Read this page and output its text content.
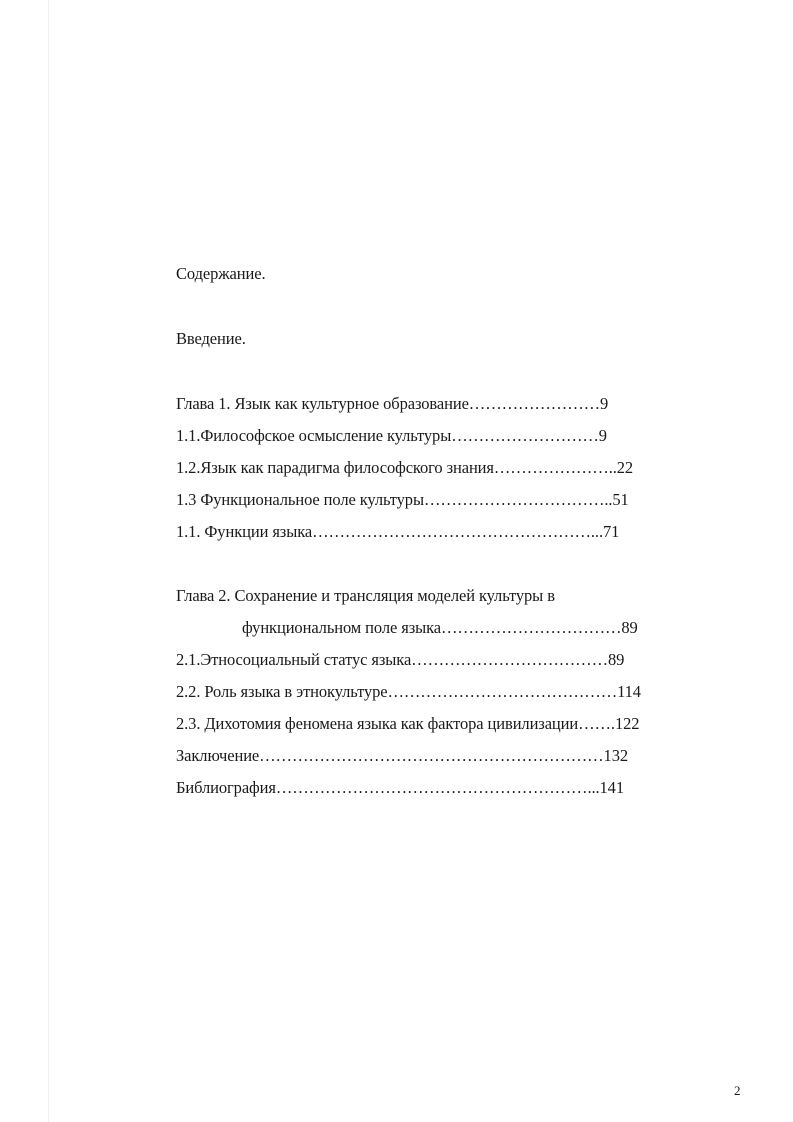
Содержание.
Введение.
Глава 1. Язык как культурное образование……………………9
1.1.Философское осмысление культуры………………………9
1.2.Язык как парадигма философского знания…………………..22
1.3 Функциональное поле культуры……………………………..51
1.1. Функции языка……………………………………………...71
Глава 2. Сохранение и трансляция моделей культуры в
функциональном поле языка……………………………89
2.1.Этносоциальный статус языка………………………………89
2.2. Роль языка в этнокультуре……………………………………114
2.3. Дихотомия феномена языка как фактора цивилизации…….122
Заключение………………………………………………………132
Библиография…………………………………………………...141
2
